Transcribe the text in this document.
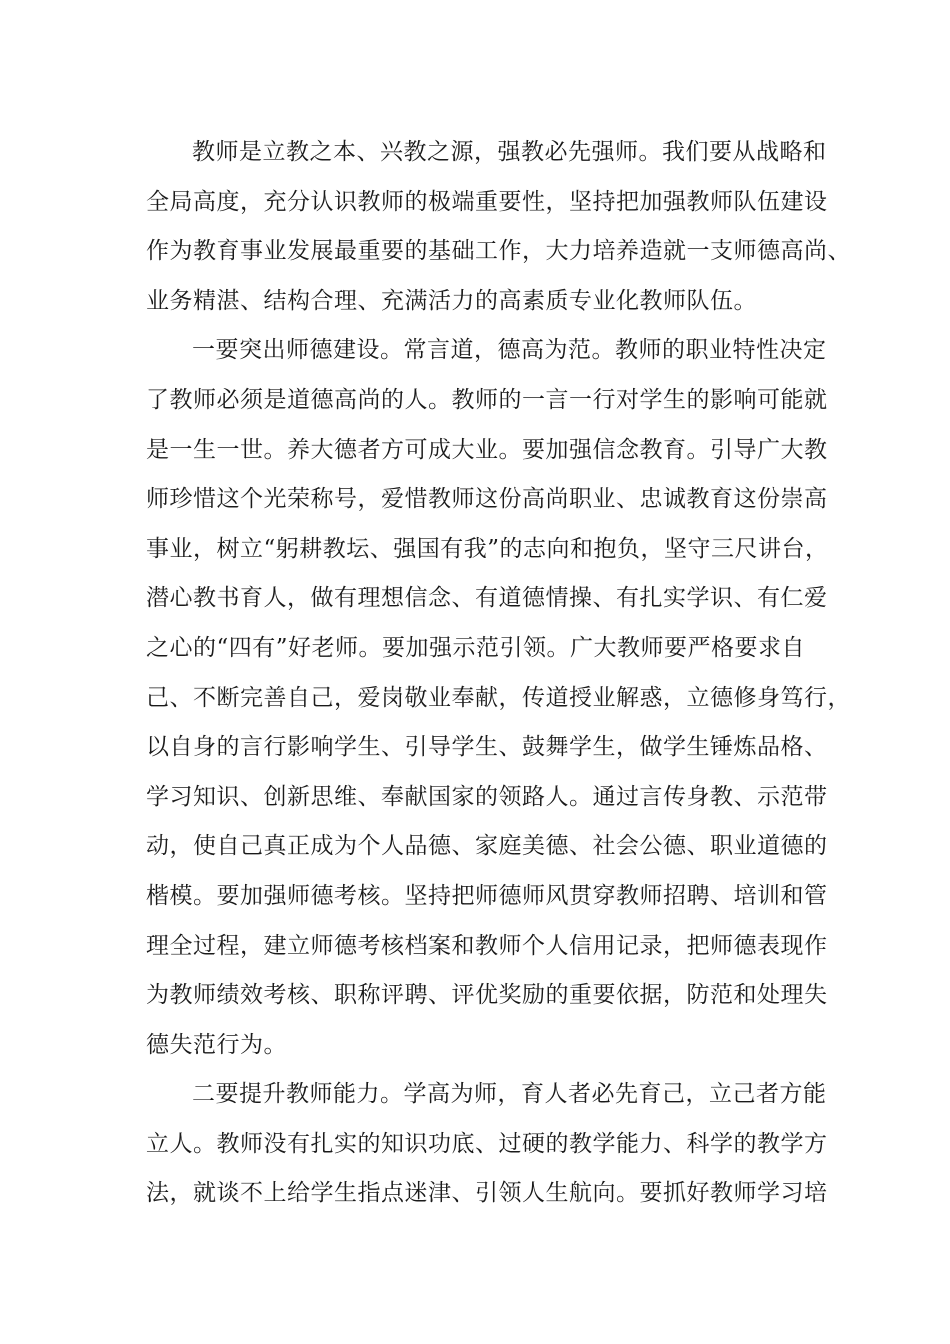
教师是立教之本、兴教之源，强教必先强师。我们要从战略和
全局高度，充分认识教师的极端重要性，坚持把加强教师队伍建设
作为教育事业发展最重要的基础工作，大力培养造就一支师德高尚、
业务精湛、结构合理、充满活力的高素质专业化教师队伍。
一要突出师德建设。常言道，德高为范。教师的职业特性决定
了教师必须是道德高尚的人。教师的一言一行对学生的影响可能就
是一生一世。养大德者方可成大业。要加强信念教育。引导广大教
师珍惜这个光荣称号，爱惜教师这份高尚职业、忠诚教育这份崇高
事业，树立“躬耕教坛、强国有我”的志向和抱负，坚守三尺讲台，
潜心教书育人，做有理想信念、有道德情操、有扎实学识、有仁爱
之心的“四有”好老师。要加强示范引领。广大教师要严格要求自
己、不断完善自己，爱岗敬业奉献，传道授业解惑，立德修身笃行，
以自身的言行影响学生、引导学生、鼓舞学生，做学生锤炼品格、
学习知识、创新思维、奉献国家的领路人。通过言传身教、示范带
动，使自己真正成为个人品德、家庭美德、社会公德、职业道德的
楷模。要加强师德考核。坚持把师德师风贯穿教师招聘、培训和管
理全过程，建立师德考核档案和教师个人信用记录，把师德表现作
为教师绩效考核、职称评聘、评优奖励的重要依据，防范和处理失
德失范行为。
二要提升教师能力。学高为师，育人者必先育己，立己者方能
立人。教师没有扎实的知识功底、过硬的教学能力、科学的教学方
法，就谈不上给学生指点迷津、引领人生航向。要抓好教师学习培
